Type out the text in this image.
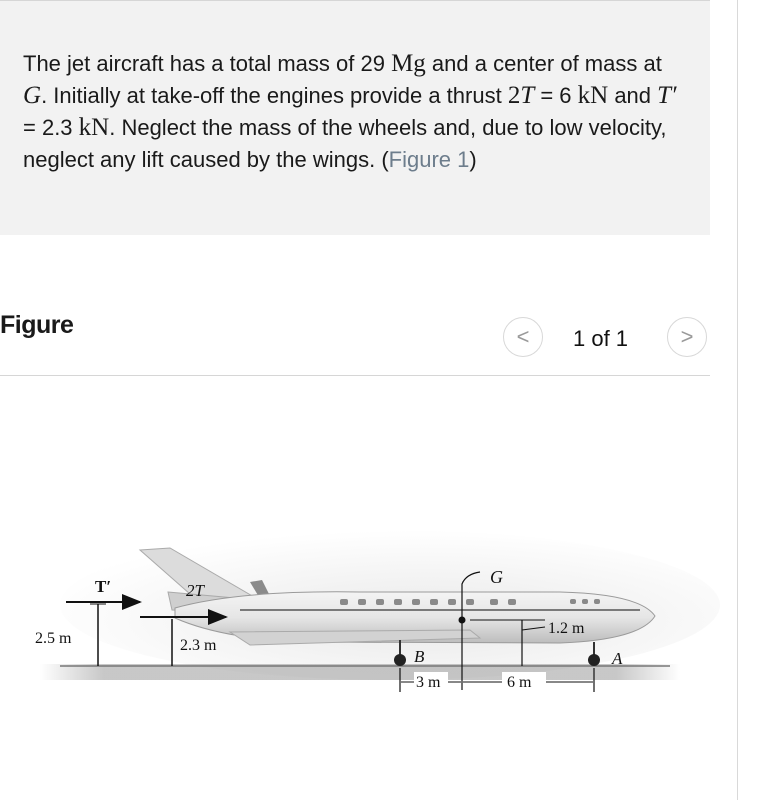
The jet aircraft has a total mass of 29 Mg and a center of mass at G. Initially at take-off the engines provide a thrust 2T = 6 kN and T′ = 2.3 kN. Neglect the mass of the wheels and, due to low velocity, neglect any lift caused by the wings. (Figure 1)
Figure	< 1 of 1 >
T′	2T
2.5 m	2.3 m
G
1.2 m
B	A
3 m	6 m
